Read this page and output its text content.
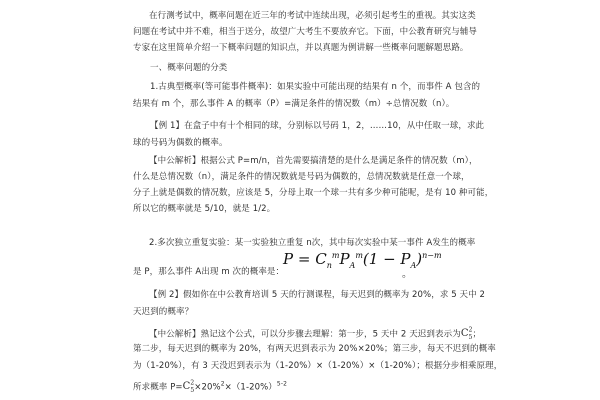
在行测考试中，概率问题在近三年的考试中连续出现，必须引起考生的重视。其实这类
问题在考试中并不难，相当于送分，故望广大考生不要放弃它。下面，中公教育研究与辅导
专家在这里简单介绍一下概率问题的知识点，并以真题为例讲解一些概率问题解题思路。
一、概率问题的分类
1.古典型概率(等可能事件概率)：如果实验中可能出现的结果有 n 个，而事件 A 包含的
结果有 m 个，那么事件 A 的概率（P）=满足条件的情况数（m）÷总情况数（n）。
【例 1】在盒子中有十个相同的球，分别标以号码 1，2，……10，从中任取一球，求此
球的号码为偶数的概率。
【中公解析】根据公式 P=m/n，首先需要搞清楚的是什么是满足条件的情况数（m），
什么是总情况数（n），满足条件的情况数就是号码为偶数的，总情况数就是任意一个球，
分子上就是偶数的情况数，应该是 5，分母上取一个球一共有多少种可能呢，是有 10 种可能，
所以它的概率就是 5/10，就是 1/2。
2.多次独立重复实验：某一实验独立重复 n次，其中每次实验中某一事件 A发生的概率
是 P，那么事件 A出现 m 次的概率是：
$P = C_n^mP_A^m(1 - P_A)^{n-m}$
。
【例 2】假如你在中公教育培训 5 天的行测课程，每天迟到的概率为 20%，求 5 天中 2
天迟到的概率？
【中公解析】熟记这个公式，可以分步骤去理解：第一步，5 天中 2 天迟到表示为$C^2_5$；
第二步，每天迟到的概率为 20%，有两天迟到表示为 20%×20%；第三步，每天不迟到的概率
为（1-20%），有 3 天没迟到表示为（1-20%）×（1-20%）×（1-20%）；根据分步相乘原理，
所求概率 $P=C^2_5\times 20\%^2\times(1-20\%)^{5-2}$
